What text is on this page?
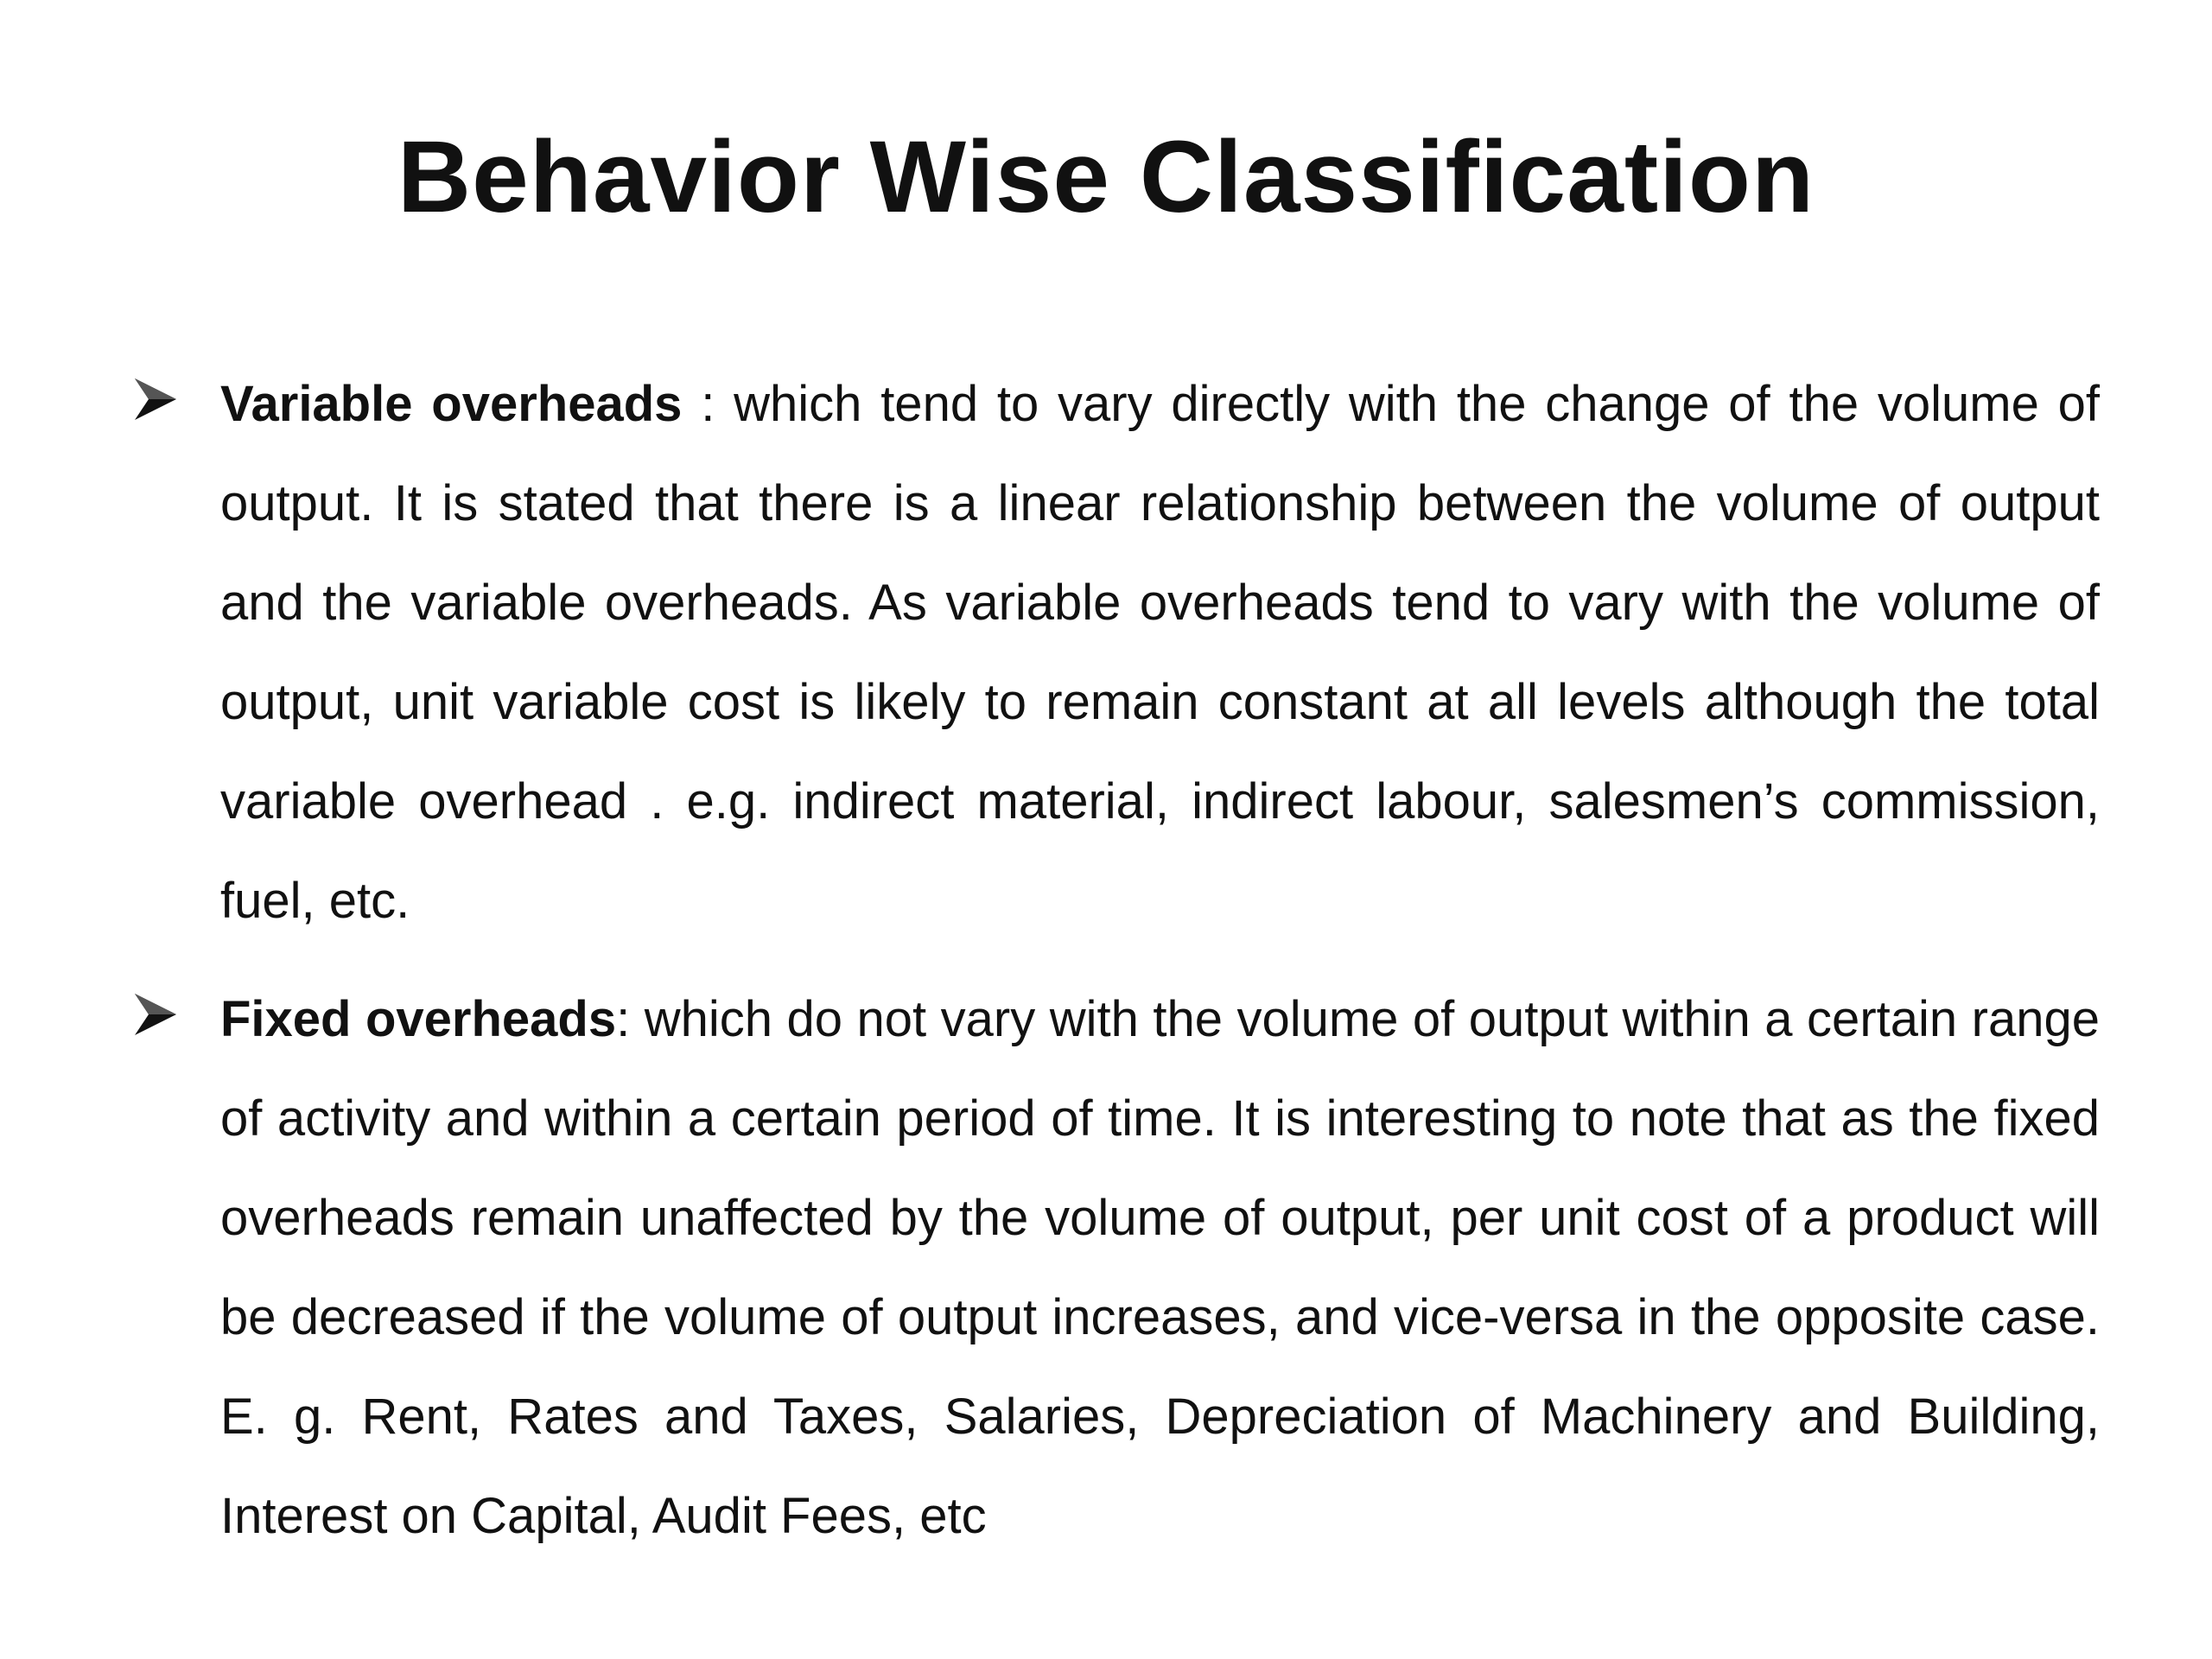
Behavior Wise Classification
Variable overheads : which tend to vary directly with the change of the volume of output. It is stated that there is a linear relationship between the volume of output and the variable overheads. As variable overheads tend to vary with the volume of output, unit variable cost is likely to remain constant at all levels although the total variable overhead . e.g. indirect material, indirect labour, salesmen’s commission, fuel, etc.
Fixed overheads: which do not vary with the volume of output within a certain range of activity and within a certain period of time. It is interesting to note that as the fixed overheads remain unaffected by the volume of output, per unit cost of a product will be decreased if the volume of output increases, and vice-versa in the opposite case. E. g. Rent, Rates and Taxes, Salaries, Depreciation of Machinery and Building, Interest on Capital, Audit Fees, etc
